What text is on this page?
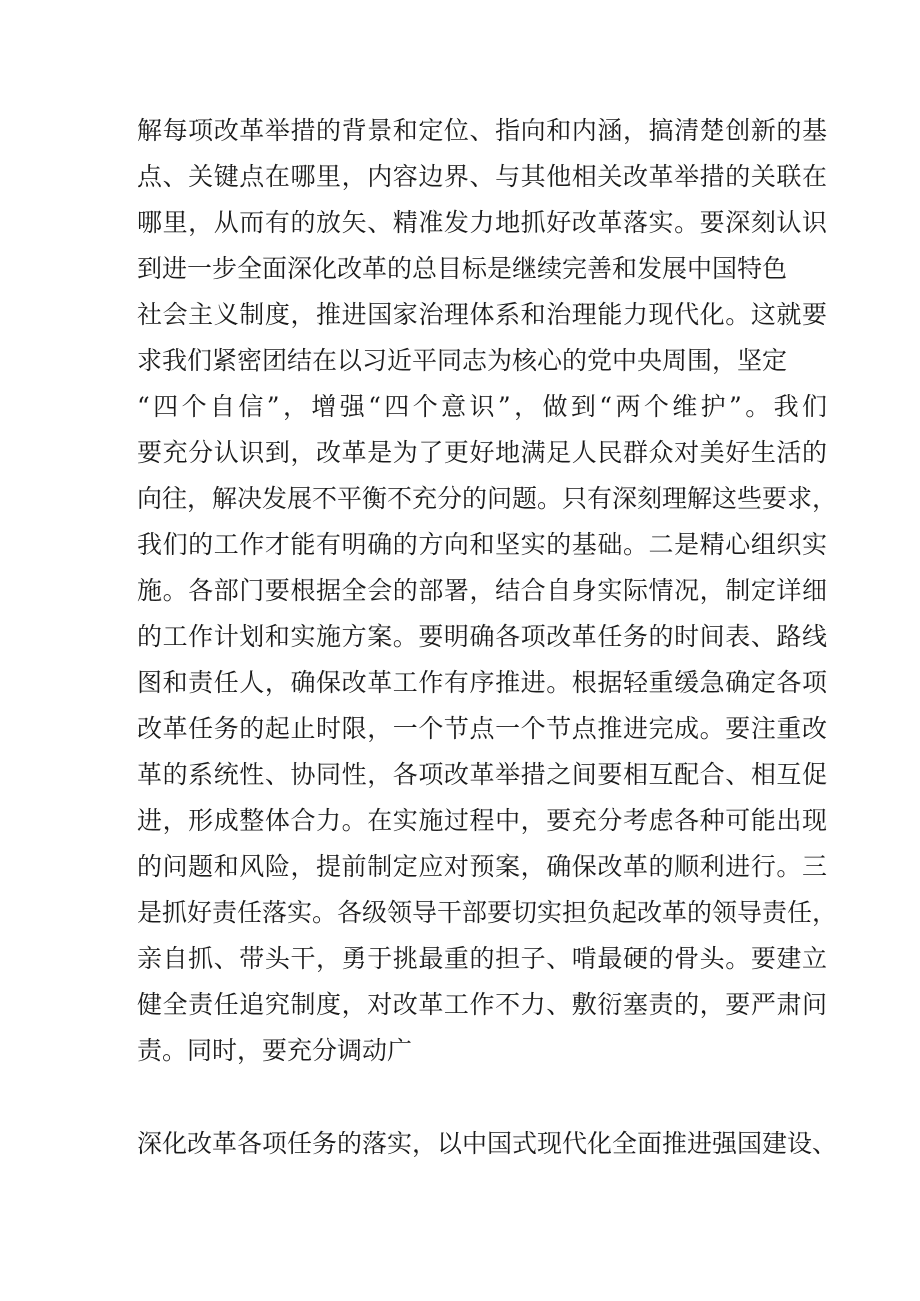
解每项改革举措的背景和定位、指向和内涵，搞清楚创新的基
点、关键点在哪里，内容边界、与其他相关改革举措的关联在
哪里，从而有的放矢、精准发力地抓好改革落实。要深刻认识
到进一步全面深化改革的总目标是继续完善和发展中国特色
社会主义制度，推进国家治理体系和治理能力现代化。这就要
求我们紧密团结在以习近平同志为核心的党中央周围，坚定
“四个自信”，增强“四个意识”，做到“两个维护”。我们
要充分认识到，改革是为了更好地满足人民群众对美好生活的
向往，解决发展不平衡不充分的问题。只有深刻理解这些要求，
我们的工作才能有明确的方向和坚实的基础。二是精心组织实
施。各部门要根据全会的部署，结合自身实际情况，制定详细
的工作计划和实施方案。要明确各项改革任务的时间表、路线
图和责任人，确保改革工作有序推进。根据轻重缓急确定各项
改革任务的起止时限，一个节点一个节点推进完成。要注重改
革的系统性、协同性，各项改革举措之间要相互配合、相互促
进，形成整体合力。在实施过程中，要充分考虑各种可能出现
的问题和风险，提前制定应对预案，确保改革的顺利进行。三
是抓好责任落实。各级领导干部要切实担负起改革的领导责任，
亲自抓、带头干，勇于挑最重的担子、啃最硬的骨头。要建立
健全责任追究制度，对改革工作不力、敷衍塞责的，要严肃问
责。同时，要充分调动广
深化改革各项任务的落实，以中国式现代化全面推进强国建设、
